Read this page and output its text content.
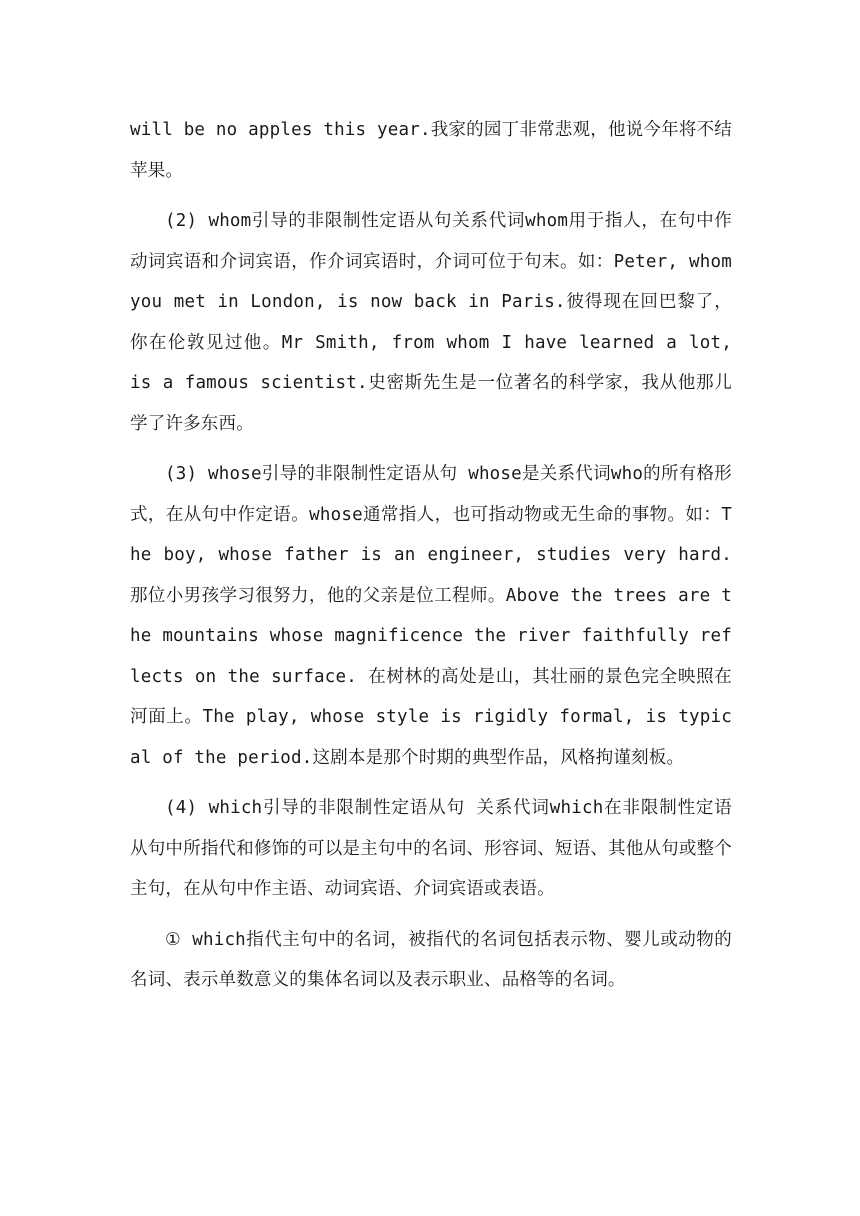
will be no apples this year.我家的园丁非常悲观，他说今年将不结苹果。

(2) whom引导的非限制性定语从句关系代词whom用于指人，在句中作动词宾语和介词宾语，作介词宾语时，介词可位于句末。如：Peter, whom you met in London, is now back in Paris.彼得现在回巴黎了，你在伦敦见过他。Mr Smith, from whom I have learned a lot, is a famous scientist.史密斯先生是一位著名的科学家，我从他那儿学了许多东西。

(3) whose引导的非限制性定语从句 whose是关系代词who的所有格形式，在从句中作定语。whose通常指人，也可指动物或无生命的事物。如：The boy, whose father is an engineer, studies very hard.那位小男孩学习很努力，他的父亲是位工程师。Above the trees are the mountains whose magnificence the river faithfully reflects on the surface. 在树林的高处是山，其壮丽的景色完全映照在河面上。The play, whose style is rigidly formal, is typical of the period.这剧本是那个时期的典型作品，风格拘谨刻板。

(4) which引导的非限制性定语从句 关系代词which在非限制性定语从句中所指代和修饰的可以是主句中的名词、形容词、短语、其他从句或整个主句，在从句中作主语、动词宾语、介词宾语或表语。

① which指代主句中的名词，被指代的名词包括表示物、婴儿或动物的名词、表示单数意义的集体名词以及表示职业、品格等的名词。
